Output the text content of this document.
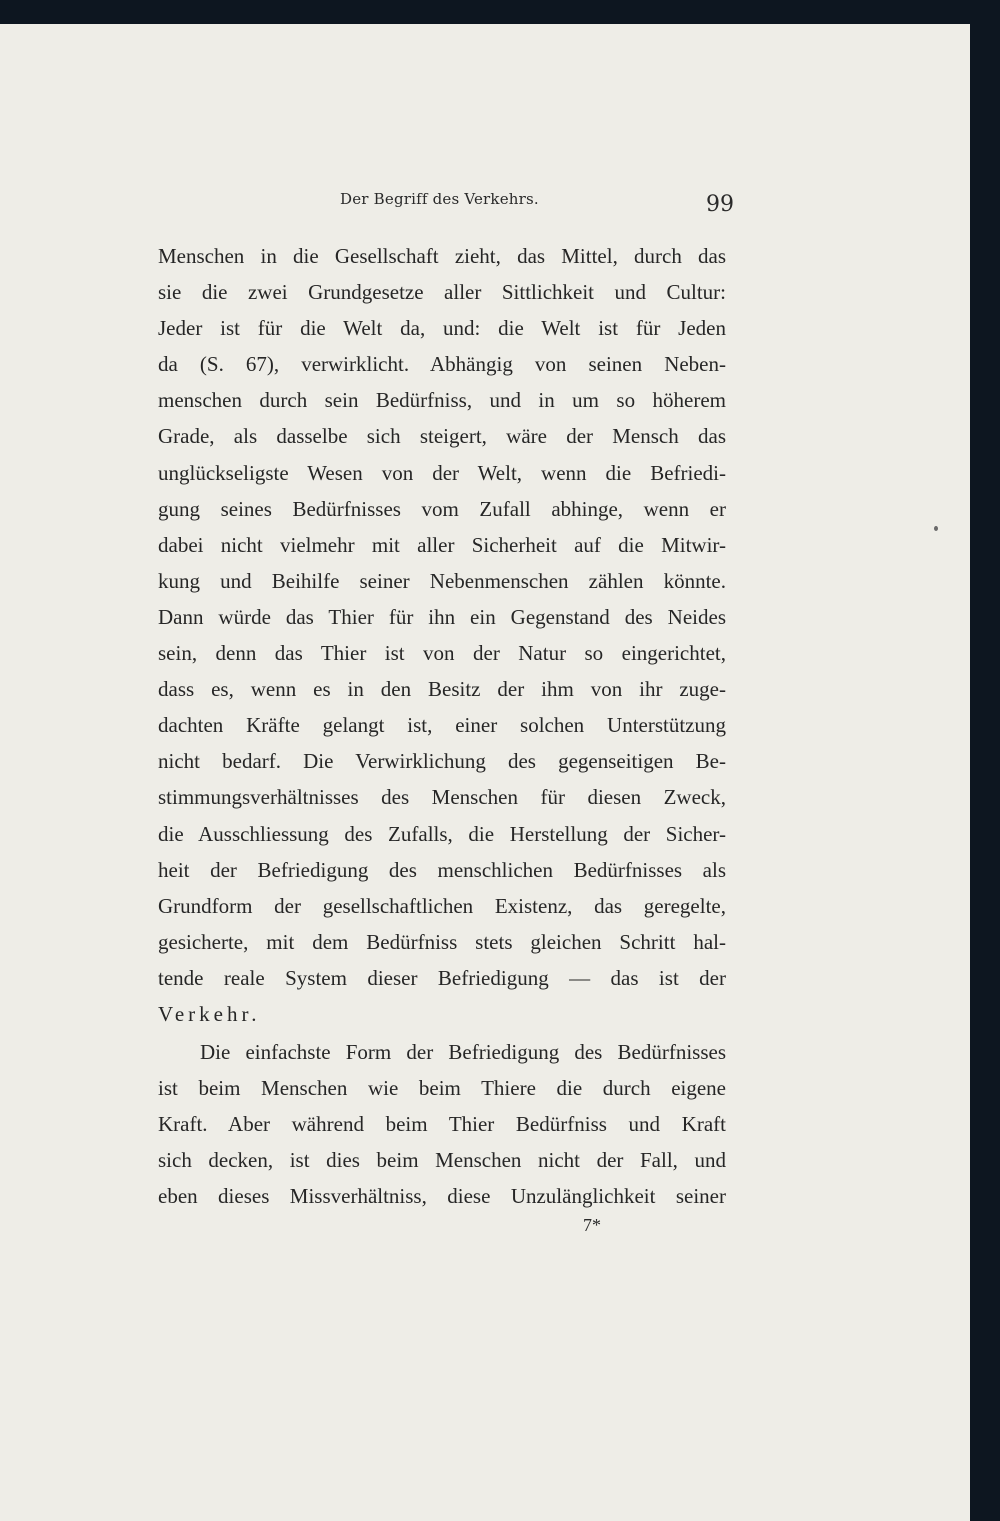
Der Begriff des Verkehrs.	99
Menschen in die Gesellschaft zieht, das Mittel, durch das
sie die zwei Grundgesetze aller Sittlichkeit und Cultur:
Jeder ist für die Welt da, und: die Welt ist für Jeden
da (S. 67), verwirklicht. Abhängig von seinen Neben-
menschen durch sein Bedürfniss, und in um so höherem
Grade, als dasselbe sich steigert, wäre der Mensch das
unglückseligste Wesen von der Welt, wenn die Befriedi-
gung seines Bedürfnisses vom Zufall abhinge, wenn er
dabei nicht vielmehr mit aller Sicherheit auf die Mitwir-
kung und Beihilfe seiner Nebenmenschen zählen könnte.
Dann würde das Thier für ihn ein Gegenstand des Neides
sein, denn das Thier ist von der Natur so eingerichtet,
dass es, wenn es in den Besitz der ihm von ihr zuge-
dachten Kräfte gelangt ist, einer solchen Unterstützung
nicht bedarf. Die Verwirklichung des gegenseitigen Be-
stimmungsverhältnisses des Menschen für diesen Zweck,
die Ausschliessung des Zufalls, die Herstellung der Sicher-
heit der Befriedigung des menschlichen Bedürfnisses als
Grundform der gesellschaftlichen Existenz, das geregelte,
gesicherte, mit dem Bedürfniss stets gleichen Schritt hal-
tende reale System dieser Befriedigung — das ist der
Verkehr.
Die einfachste Form der Befriedigung des Bedürfnisses
ist beim Menschen wie beim Thiere die durch eigene
Kraft. Aber während beim Thier Bedürfniss und Kraft
sich decken, ist dies beim Menschen nicht der Fall, und
eben dieses Missverhältniss, diese Unzulänglichkeit seiner
7*
